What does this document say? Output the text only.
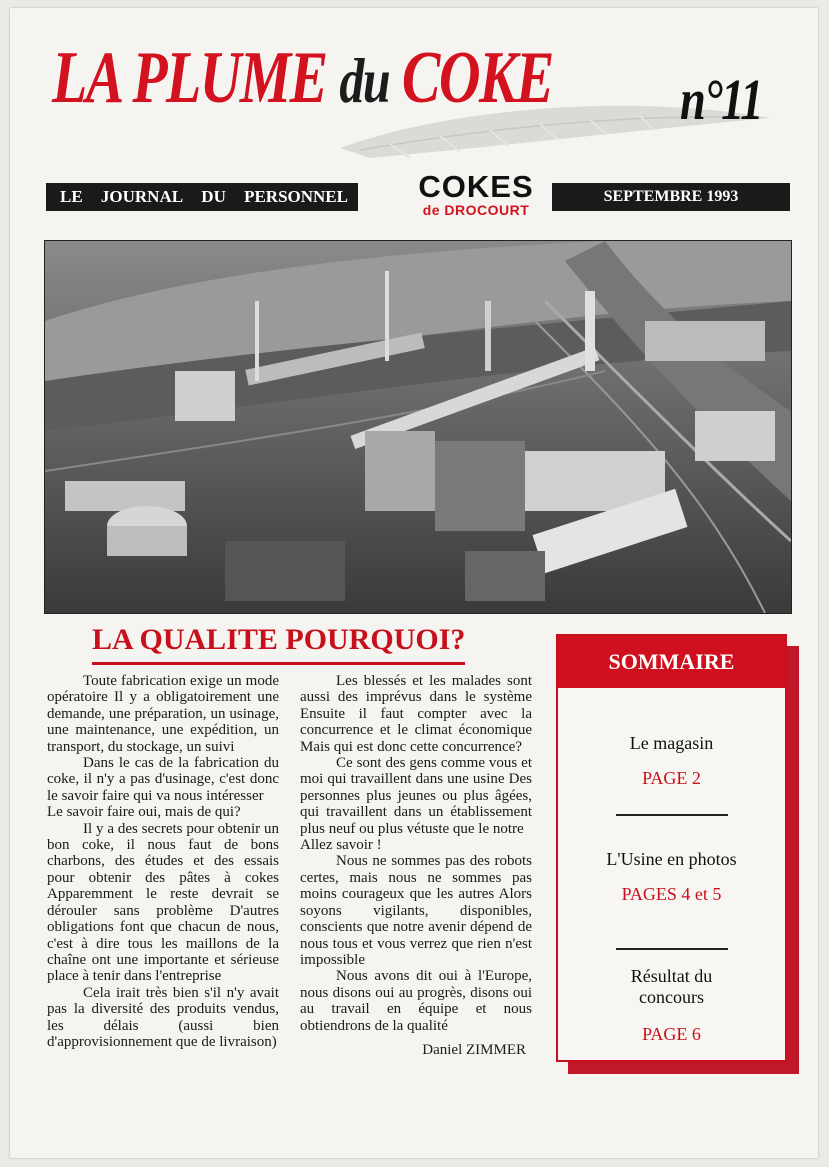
LA PLUME du COKE n°11
LE JOURNAL DU PERSONNEL	COKES
de DROCOURT
SEPTEMBRE 1993
LA QUALITE POURQUOI?

Toute fabrication exige un mode opératoire Il y a obligatoirement une demande, une préparation, un usinage, une maintenance, une expédition, un transport, du stockage, un suivi

Dans le cas de la fabrication du coke, il n'y a pas d'usinage, c'est donc le savoir faire qui va nous intéresser

Le savoir faire oui, mais de qui?

Il y a des secrets pour obtenir un bon coke, il nous faut de bons charbons, des études et des essais pour obtenir des pâtes à cokes Apparemment le reste devrait se dérouler sans problème D'autres obligations font que chacun de nous, c'est à dire tous les maillons de la chaîne ont une importante et sérieuse place à tenir dans l'entreprise

Cela irait très bien s'il n'y avait pas la diversité des produits vendus, les délais (aussi bien d'approvisionnement que de livraison)

Les blessés et les malades sont aussi des imprévus dans le système Ensuite il faut compter avec la concurrence et le climat économique Mais qui est donc cette concurrence?

Ce sont des gens comme vous et moi qui travaillent dans une usine Des personnes plus jeunes ou plus âgées, qui travaillent dans un établissement plus neuf ou plus vétuste que le notre

Allez savoir !

Nous ne sommes pas des robots certes, mais nous ne sommes pas moins courageux que les autres Alors soyons vigilants, disponibles, conscients que notre avenir dépend de nous tous et vous verrez que rien n'est impossible

Nous avons dit oui à l'Europe, nous disons oui au progrès, disons oui au travail en équipe et nous obtiendrons de la qualité

Daniel ZIMMER

SOMMAIRE
Le magasin
PAGE 2
L'Usine en photos
PAGES 4 et 5
Résultat du concours
PAGE 6
